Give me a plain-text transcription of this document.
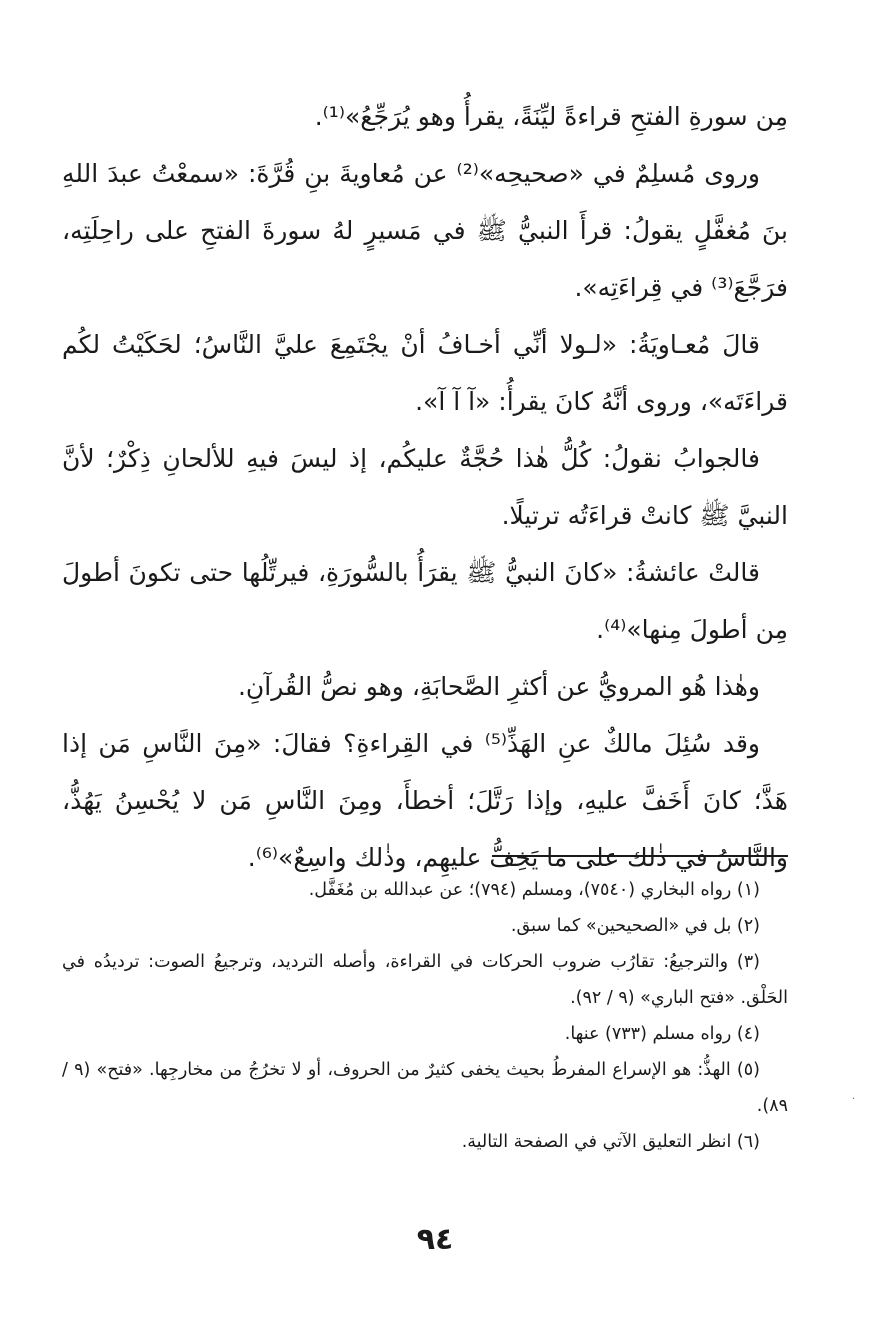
مِن سورةِ الفتحِ قراءةً ليِّنَةً، يقرأُ وهو يُرَجِّعُ»⁽¹⁾.

وروى مُسلِمٌ في «صحيحِه»⁽²⁾ عن مُعاويةَ بنِ قُرَّةَ: «سمعْتُ عبدَ اللهِ بنَ مُغفَّلٍ يقولُ: قرأَ النبيُّ ﷺ في مَسيرٍ لهُ سورةَ الفتحِ على راحِلَتِه، فرَجَّعَ⁽³⁾ في قِراءَتِه».

قالَ مُعـاويَةُ: «لـولا أنِّي أخـافُ أنْ يجْتَمِعَ عليَّ النَّاسُ؛ لحَكَيْتُ لكُم قراءَتَه»، وروى أنَّهُ كانَ يقرأُ: «آ آ آ».

فالجوابُ نقولُ: كُلُّ هٰذا حُجَّةٌ عليكُم، إذ ليسَ فيهِ للألحانِ ذِكْرٌ؛ لأنَّ النبيَّ ﷺ كانتْ قراءَتُه ترتيلًا.

قالتْ عائشةُ: «كانَ النبيُّ ﷺ يقرَأُ بالسُّورَةِ، فيرتِّلُها حتى تكونَ أطولَ مِن أطولَ مِنها»⁽⁴⁾.

وهٰذا هُو المرويُّ عن أكثرِ الصَّحابَةِ، وهو نصُّ القُرآنِ.

وقد سُئِلَ مالكٌ عنِ الهَذِّ⁽⁵⁾ في القِراءةِ؟ فقالَ: «مِنَ النَّاسِ مَن إذا هَذَّ؛ كانَ أَخَفَّ عليهِ، وإذا رَتَّلَ؛ أخطأَ، ومِنَ النَّاسِ مَن لا يُحْسِنُ يَهُذُّ، والنَّاسُ في ذٰلك على ما يَخِفُّ عليهِم، وذٰلك واسِعٌ»⁽⁶⁾.

(١) رواه البخاري (٧٥٤٠)، ومسلم (٧٩٤)؛ عن عبدالله بن مُغَفَّل.

(٢) بل في «الصحيحين» كما سبق.

(٣) والترجيعُ: تقارُب ضروب الحركات في القراءة، وأصله الترديد، وترجيعُ الصوت: ترديدُه في الحَلْق. «فتح الباري» (٩ / ٩٢).

(٤) رواه مسلم (٧٣٣) عنها.

(٥) الهذُّ: هو الإسراع المفرطُ بحيث يخفى كثيرٌ من الحروف، أو لا تخرُجُ من مخارجِها. «فتح» (٩ / ٨٩).

(٦) انظر التعليق الآتي في الصفحة التالية.

·
٩٤
